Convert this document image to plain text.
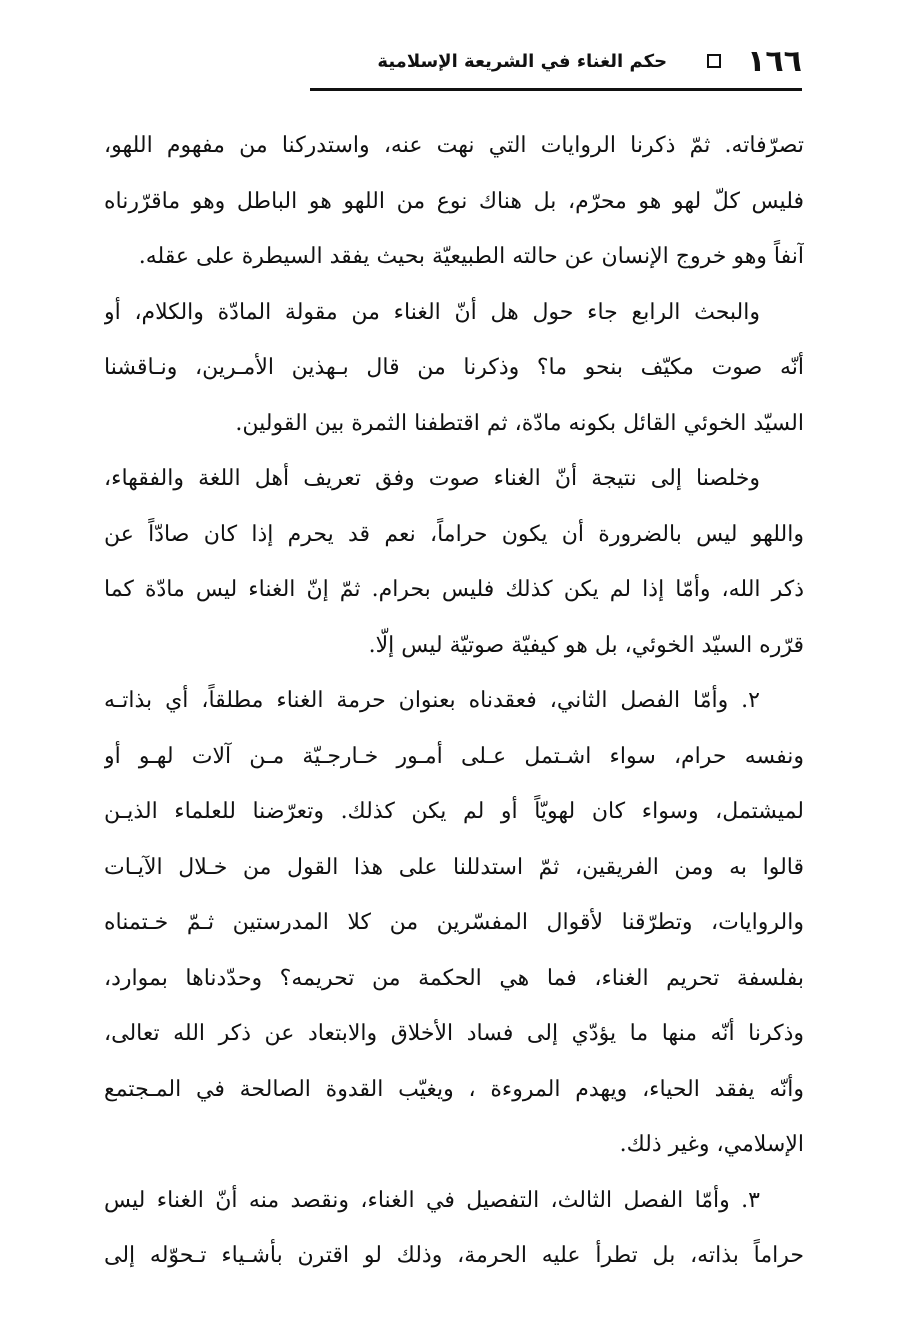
١٦٦
حكم الغناء في الشريعة الإسلامية
تصرّفاته. ثمّ ذكرنا الروايات التي نهت عنه، واستدركنا من مفهوم اللهو،
فليس كلّ لهو هو محرّم، بل هناك نوع من اللهو هو الباطل وهو ماقرّرناه
آنفاً وهو خروج الإنسان عن حالته الطبيعيّة بحيث يفقد السيطرة على عقله.
والبحث الرابع جاء حول هل أنّ الغناء من مقولة المادّة والكلام، أو
أنّه صوت مكيّف بنحو ما؟ وذكرنا من قال بـهذين الأمـرين، ونـاقشنا
السيّد الخوئي القائل بكونه مادّة، ثم اقتطفنا الثمرة بين القولين.
وخلصنا إلى نتيجة أنّ الغناء صوت وفق تعريف أهل اللغة والفقهاء،
واللهو ليس بالضرورة أن يكون حراماً، نعم قد يحرم إذا كان صادّاً عن
ذكر الله، وأمّا إذا لم يكن كذلك فليس بحرام. ثمّ إنّ الغناء ليس مادّة كما
قرّره السيّد الخوئي، بل هو كيفيّة صوتيّة ليس إلّا.
٢. وأمّا الفصل الثاني، فعقدناه بعنوان حرمة الغناء مطلقاً، أي بذاتـه
ونفسه حرام، سواء اشـتمل عـلى أمـور خـارجـيّة مـن آلات لهـو أو
لميشتمل، وسواء كان لهويّاً أو لم يكن كذلك. وتعرّضنا للعلماء الذيـن
قالوا به ومن الفريقين، ثمّ استدللنا على هذا القول من خـلال الآيـات
والروايات، وتطرّقنا لأقوال المفسّرين من كلا المدرستين ثـمّ خـتمناه
بفلسفة تحريم الغناء، فما هي الحكمة من تحريمه؟ وحدّدناها بموارد،
وذكرنا أنّه منها ما يؤدّي إلى فساد الأخلاق والابتعاد عن ذكر الله تعالى،
وأنّه يفقد الحياء، ويهدم المروءة ، ويغيّب القدوة الصالحة في المـجتمع
الإسلامي، وغير ذلك.
٣. وأمّا الفصل الثالث، التفصيل في الغناء، ونقصد منه أنّ الغناء ليس
حراماً بذاته، بل تطرأ عليه الحرمة، وذلك لو اقترن بأشـياء تـحوّله إلى
